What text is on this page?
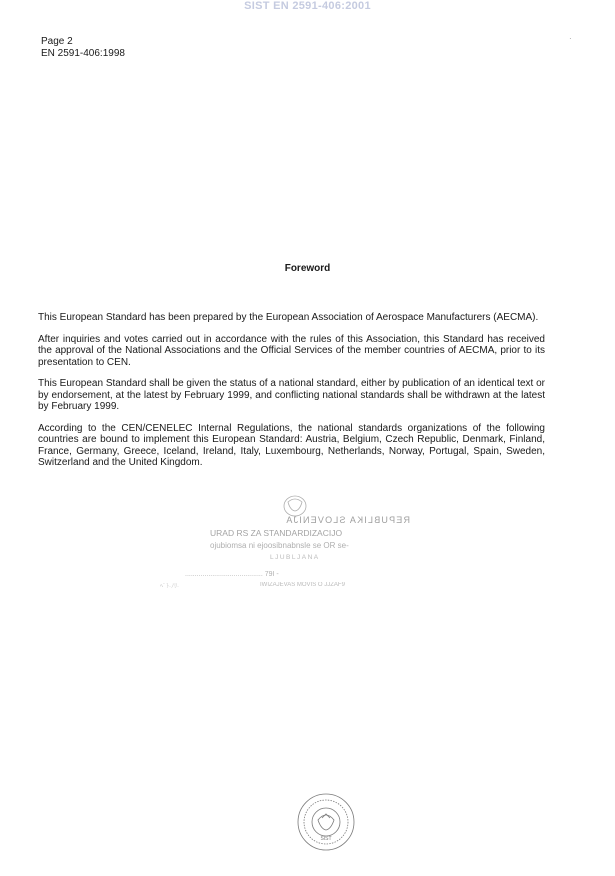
SIST EN 2591-406:2001
·
Page 2
EN 2591-406:1998
Foreword

This European Standard has been prepared by the European Association of Aerospace Manufacturers (AECMA).

After inquiries and votes carried out in accordance with the rules of this Association, this Standard has received the approval of the National Associations and the Official Services of the member countries of AECMA, prior to its presentation to CEN.

This European Standard shall be given the status of a national standard, either by publication of an identical text or by endorsement, at the latest by February 1999, and conflicting national standards shall be withdrawn at the latest by February 1999.

According to the CEN/CENELEC Internal Regulations, the national standards organizations of the following countries are bound to implement this European Standard: Austria, Belgium, Czech Republic, Denmark, Finland, France, Germany, Greece, Iceland, Ireland, Italy, Luxembourg, Netherlands, Norway, Portugal, Spain, Sweden, Switzerland and the United Kingdom.

REPUBLIKA SLOVENIJA
URAD RS ZA STANDARDIZACIJO
ojubiomsa ni ejoosibnabnsle se OR se-
LJUBLJANA
........................................ 79I -
IWIZAJEVAS MOVIS O JJZAF9
ﾍﾞﾄ·ﾉﾘ·
SIST
